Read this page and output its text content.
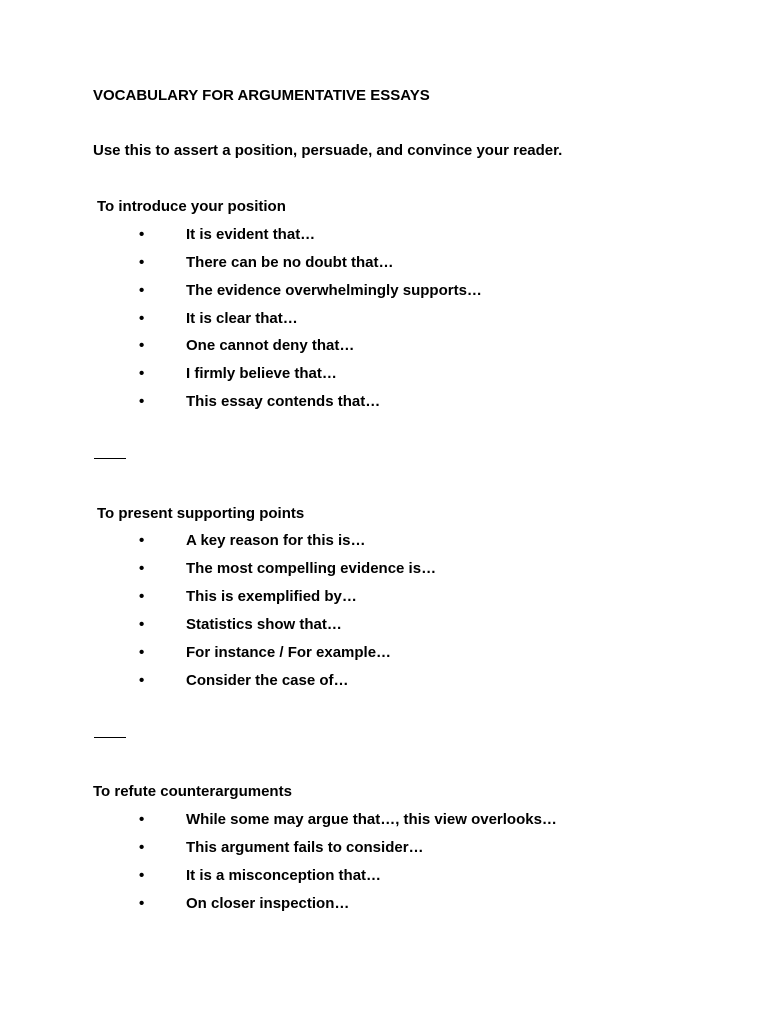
VOCABULARY FOR ARGUMENTATIVE ESSAYS
Use this to assert a position, persuade, and convince your reader.
To introduce your position
•	It is evident that…
•	There can be no doubt that…
•	The evidence overwhelmingly supports…
•	It is clear that…
•	One cannot deny that…
•	I firmly believe that…
•	This essay contends that…
To present supporting points
•	A key reason for this is…
•	The most compelling evidence is…
•	This is exemplified by…
•	Statistics show that…
•	For instance / For example…
•	Consider the case of…
To refute counterarguments
•	While some may argue that…, this view overlooks…
•	This argument fails to consider…
•	It is a misconception that…
•	On closer inspection…
